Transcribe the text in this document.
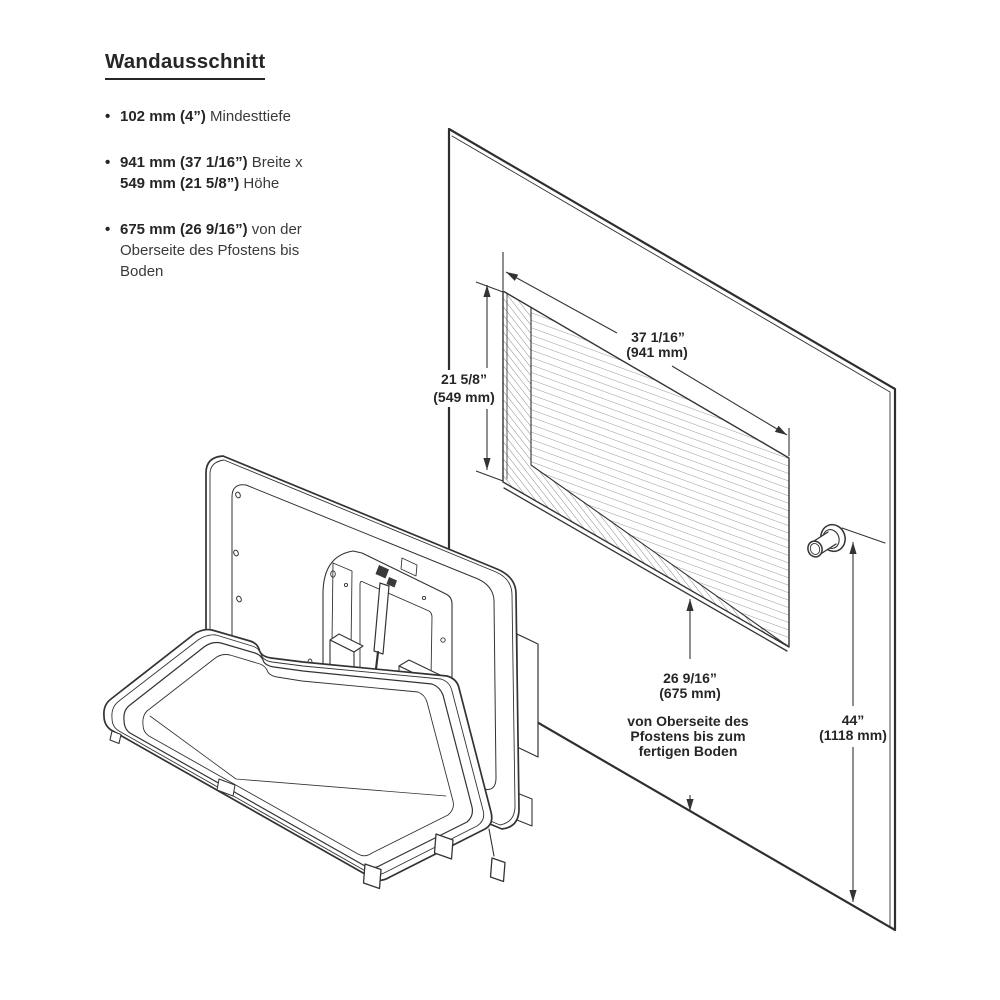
37 1/16”
(941 mm)
21 5/8”
(549 mm)
26 9/16”
(675 mm)
von Oberseite des
Pfostens bis zum
fertigen Boden
44”
(1118 mm)
Wandausschnitt
• 102 mm (4”) Mindesttiefe
• 941 mm (37 1/16”) Breite x
549 mm (21 5/8”) Höhe
• 675 mm (26 9/16”) von der
Oberseite des Pfostens bis
Boden
